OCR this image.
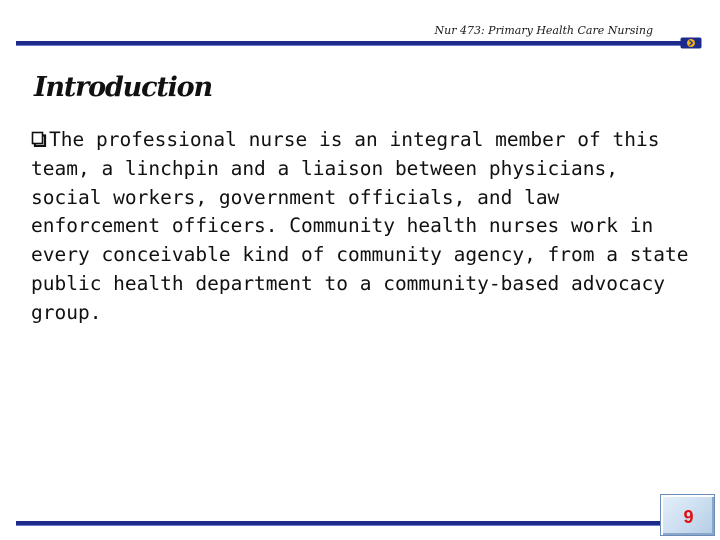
Nur 473: Primary Health Care Nursing
Introduction

The professional nurse is an integral member of this team, a linchpin and a liaison between physicians, social workers, government officials, and law enforcement officers. Community health nurses work in every conceivable kind of community agency, from a state public health department to a community-based advocacy group.

9
